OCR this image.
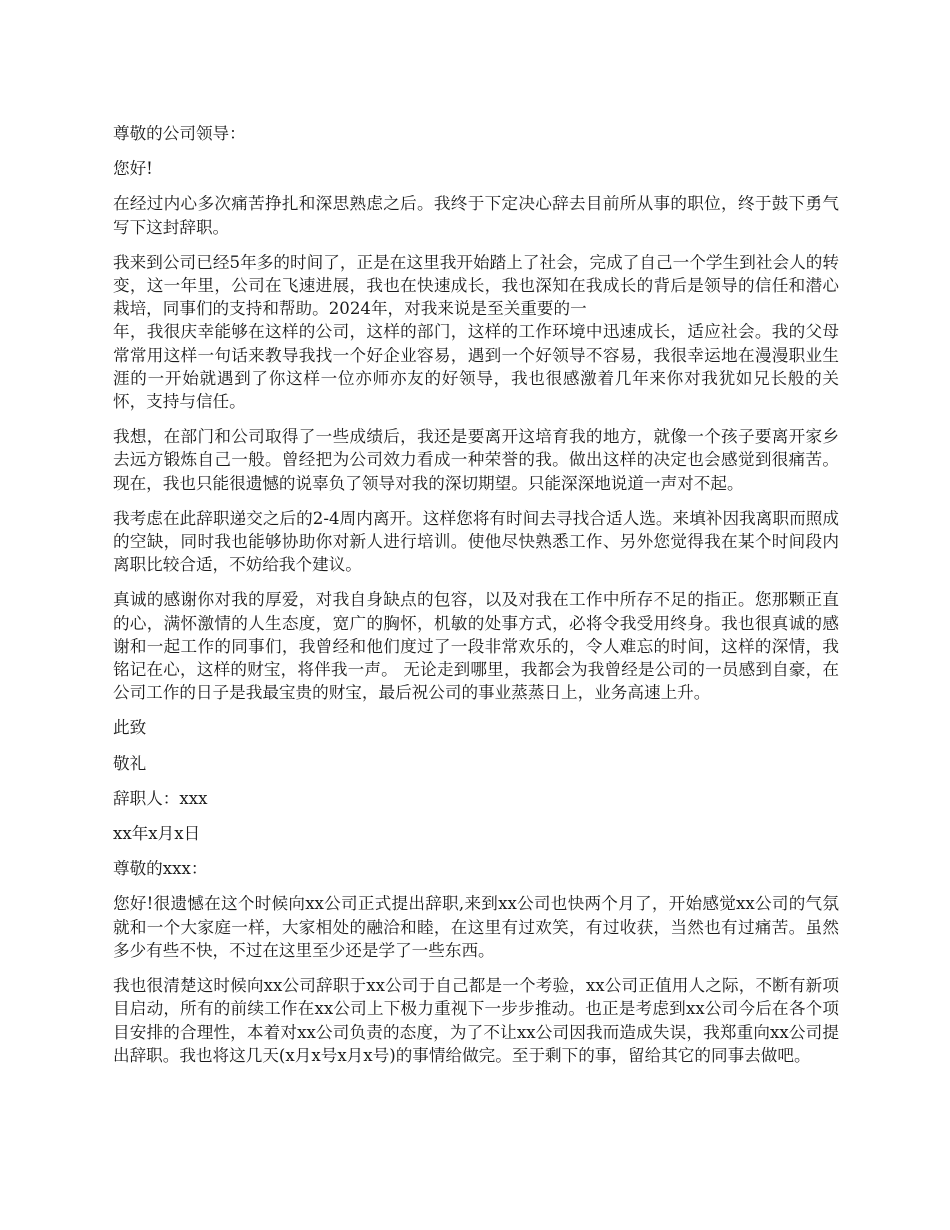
尊敬的公司领导：

您好!

在经过内心多次痛苦挣扎和深思熟虑之后。我终于下定决心辞去目前所从事的职位，终于鼓下勇气写下这封辞职。

我来到公司已经5年多的时间了，正是在这里我开始踏上了社会，完成了自己一个学生到社会人的转变，这一年里，公司在飞速进展，我也在快速成长，我也深知在我成长的背后是领导的信任和潜心栽培，同事们的支持和帮助。2024年，对我来说是至关重要的一
年，我很庆幸能够在这样的公司，这样的部门，这样的工作环境中迅速成长，适应社会。我的父母常常用这样一句话来教导我找一个好企业容易，遇到一个好领导不容易，我很幸运地在漫漫职业生涯的一开始就遇到了你这样一位亦师亦友的好领导，我也很感激着几年来你对我犹如兄长般的关怀，支持与信任。

我想，在部门和公司取得了一些成绩后，我还是要离开这培育我的地方，就像一个孩子要离开家乡去远方锻炼自己一般。曾经把为公司效力看成一种荣誉的我。做出这样的决定也会感觉到很痛苦。现在，我也只能很遗憾的说辜负了领导对我的深切期望。只能深深地说道一声对不起。

我考虑在此辞职递交之后的2-4周内离开。这样您将有时间去寻找合适人选。来填补因我离职而照成的空缺，同时我也能够协助你对新人进行培训。使他尽快熟悉工作、另外您觉得我在某个时间段内离职比较合适，不妨给我个建议。

真诚的感谢你对我的厚爱，对我自身缺点的包容，以及对我在工作中所存不足的指正。您那颗正直的心，满怀激情的人生态度，宽广的胸怀，机敏的处事方式，必将令我受用终身。我也很真诚的感谢和一起工作的同事们，我曾经和他们度过了一段非常欢乐的，令人难忘的时间，这样的深情，我铭记在心，这样的财宝，将伴我一声。 无论走到哪里，我都会为我曾经是公司的一员感到自豪，在公司工作的日子是我最宝贵的财宝，最后祝公司的事业蒸蒸日上，业务高速上升。

此致

敬礼

辞职人：xxx

xx年x月x日

尊敬的xxx：

您好!很遗憾在这个时候向xx公司正式提出辞职,来到xx公司也快两个月了，开始感觉xx公司的气氛就和一个大家庭一样，大家相处的融洽和睦，在这里有过欢笑，有过收获，当然也有过痛苦。虽然多少有些不快，不过在这里至少还是学了一些东西。

我也很清楚这时候向xx公司辞职于xx公司于自己都是一个考验，xx公司正值用人之际，不断有新项目启动，所有的前续工作在xx公司上下极力重视下一步步推动。也正是考虑到xx公司今后在各个项目安排的合理性，本着对xx公司负责的态度，为了不让xx公司因我而造成失误，我郑重向xx公司提出辞职。我也将这几天(x月x号x月x号)的事情给做完。至于剩下的事，留给其它的同事去做吧。
